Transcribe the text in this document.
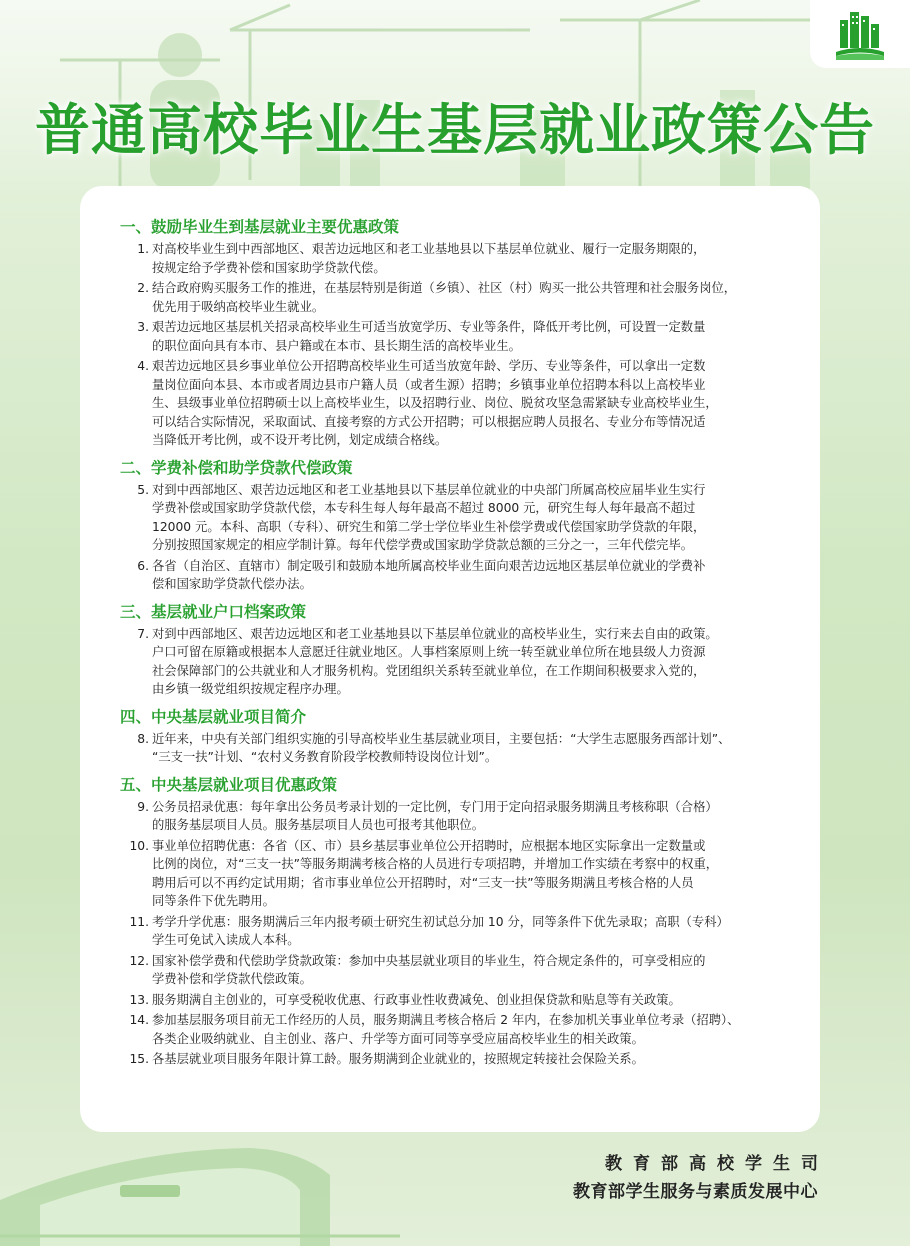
普通高校毕业生基层就业政策公告
一、鼓励毕业生到基层就业主要优惠政策
1. 对高校毕业生到中西部地区、艰苦边远地区和老工业基地县以下基层单位就业、履行一定服务期限的，
按规定给予学费补偿和国家助学贷款代偿。
2. 结合政府购买服务工作的推进，在基层特别是街道（乡镇）、社区（村）购买一批公共管理和社会服务岗位，
优先用于吸纳高校毕业生就业。
3. 艰苦边远地区基层机关招录高校毕业生可适当放宽学历、专业等条件，降低开考比例，可设置一定数量
的职位面向具有本市、县户籍或在本市、县长期生活的高校毕业生。
4. 艰苦边远地区县乡事业单位公开招聘高校毕业生可适当放宽年龄、学历、专业等条件，可以拿出一定数
量岗位面向本县、本市或者周边县市户籍人员（或者生源）招聘；乡镇事业单位招聘本科以上高校毕业
生、县级事业单位招聘硕士以上高校毕业生，以及招聘行业、岗位、脱贫攻坚急需紧缺专业高校毕业生，
可以结合实际情况，采取面试、直接考察的方式公开招聘；可以根据应聘人员报名、专业分布等情况适
当降低开考比例，或不设开考比例，划定成绩合格线。
二、学费补偿和助学贷款代偿政策
5. 对到中西部地区、艰苦边远地区和老工业基地县以下基层单位就业的中央部门所属高校应届毕业生实行
学费补偿或国家助学贷款代偿，本专科生每人每年最高不超过 8000 元，研究生每人每年最高不超过
12000 元。本科、高职（专科）、研究生和第二学士学位毕业生补偿学费或代偿国家助学贷款的年限，
分别按照国家规定的相应学制计算。每年代偿学费或国家助学贷款总额的三分之一，三年代偿完毕。
6. 各省（自治区、直辖市）制定吸引和鼓励本地所属高校毕业生面向艰苦边远地区基层单位就业的学费补
偿和国家助学贷款代偿办法。
三、基层就业户口档案政策
7. 对到中西部地区、艰苦边远地区和老工业基地县以下基层单位就业的高校毕业生，实行来去自由的政策。
户口可留在原籍或根据本人意愿迁往就业地区。人事档案原则上统一转至就业单位所在地县级人力资源
社会保障部门的公共就业和人才服务机构。党团组织关系转至就业单位，在工作期间积极要求入党的，
由乡镇一级党组织按规定程序办理。
四、中央基层就业项目简介
8. 近年来，中央有关部门组织实施的引导高校毕业生基层就业项目，主要包括：“大学生志愿服务西部计划”、
“三支一扶”计划、“农村义务教育阶段学校教师特设岗位计划”。
五、中央基层就业项目优惠政策
9. 公务员招录优惠：每年拿出公务员考录计划的一定比例，专门用于定向招录服务期满且考核称职（合格）
的服务基层项目人员。服务基层项目人员也可报考其他职位。
10. 事业单位招聘优惠：各省（区、市）县乡基层事业单位公开招聘时，应根据本地区实际拿出一定数量或
比例的岗位，对“三支一扶”等服务期满考核合格的人员进行专项招聘，并增加工作实绩在考察中的权重，
聘用后可以不再约定试用期；省市事业单位公开招聘时，对“三支一扶”等服务期满且考核合格的人员
同等条件下优先聘用。
11. 考学升学优惠：服务期满后三年内报考硕士研究生初试总分加 10 分，同等条件下优先录取；高职（专科）
学生可免试入读成人本科。
12. 国家补偿学费和代偿助学贷款政策：参加中央基层就业项目的毕业生，符合规定条件的，可享受相应的
学费补偿和学贷款代偿政策。
13. 服务期满自主创业的，可享受税收优惠、行政事业性收费减免、创业担保贷款和贴息等有关政策。
14. 参加基层服务项目前无工作经历的人员，服务期满且考核合格后 2 年内，在参加机关事业单位考录（招聘）、
各类企业吸纳就业、自主创业、落户、升学等方面可同等享受应届高校毕业生的相关政策。
15. 各基层就业项目服务年限计算工龄。服务期满到企业就业的，按照规定转接社会保险关系。
教育部高校学生司
教育部学生服务与素质发展中心
